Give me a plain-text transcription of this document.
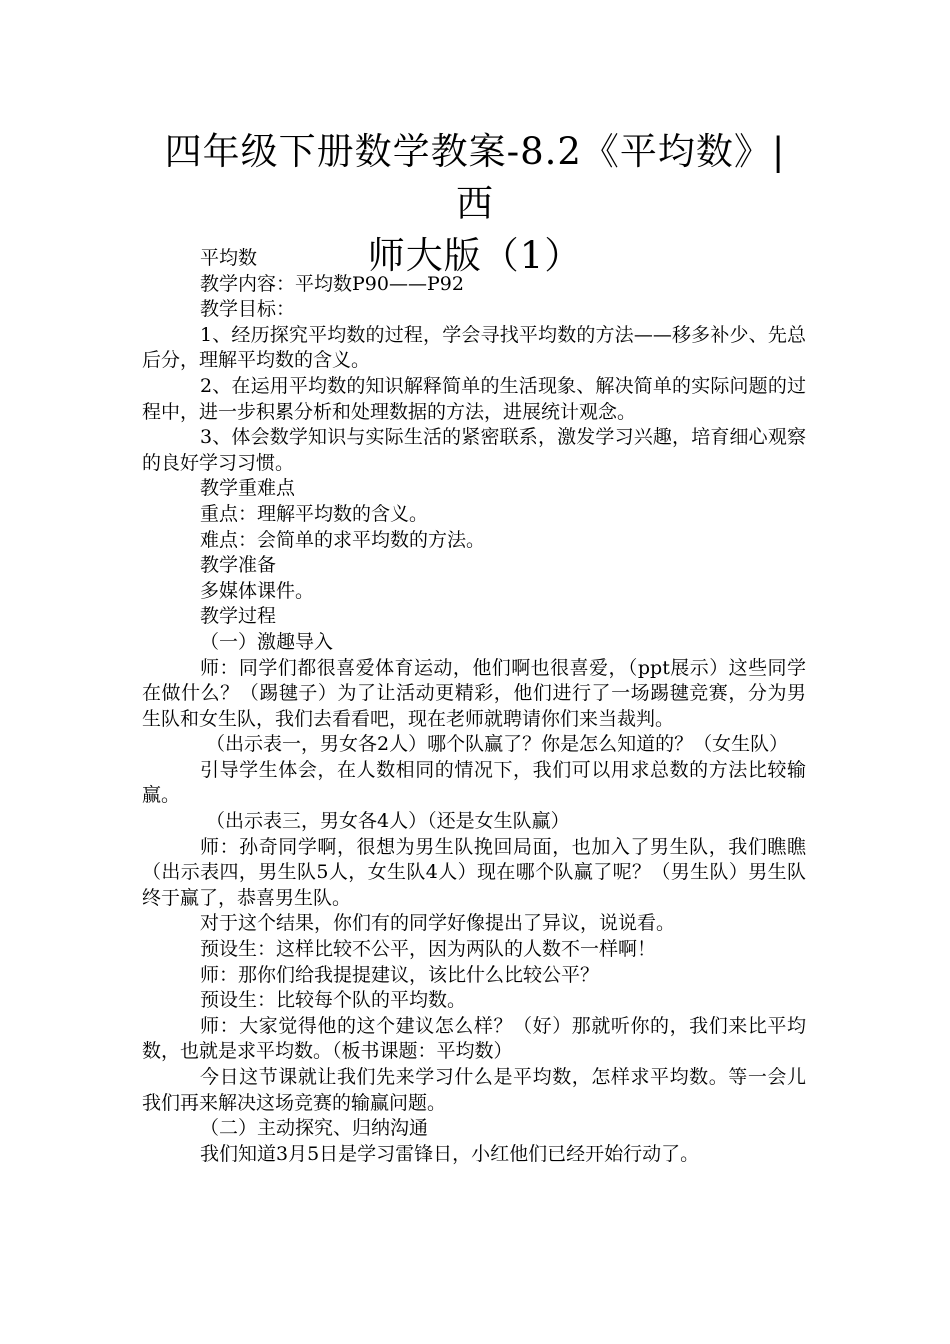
四年级下册数学教案-8.2《平均数》| 西
师大版（1）

平均数

教学内容：平均数P90——P92

教学目标：

1、经历探究平均数的过程，学会寻找平均数的方法——移多补少、先总后分，理解平均数的含义。

2、在运用平均数的知识解释简单的生活现象、解决简单的实际问题的过程中，进一步积累分析和处理数据的方法，进展统计观念。

3、体会数学知识与实际生活的紧密联系，激发学习兴趣，培育细心观察的良好学习习惯。

教学重难点

重点：理解平均数的含义。

难点：会简单的求平均数的方法。

教学准备

多媒体课件。

教学过程

（一）激趣导入

师：同学们都很喜爱体育运动，他们啊也很喜爱，（ppt展示）这些同学在做什么？（踢毽子）为了让活动更精彩，他们进行了一场踢毽竞赛，分为男生队和女生队，我们去看看吧，现在老师就聘请你们来当裁判。

（出示表一，男女各2人）哪个队赢了？你是怎么知道的？（女生队）

引导学生体会，在人数相同的情况下，我们可以用求总数的方法比较输赢。

（出示表三，男女各4人）（还是女生队赢）

师：孙奇同学啊，很想为男生队挽回局面，也加入了男生队，我们瞧瞧（出示表四，男生队5人，女生队4人）现在哪个队赢了呢？（男生队）男生队终于赢了，恭喜男生队。

对于这个结果，你们有的同学好像提出了异议，说说看。

预设生：这样比较不公平，因为两队的人数不一样啊！

师：那你们给我提提建议，该比什么比较公平？

预设生：比较每个队的平均数。

师：大家觉得他的这个建议怎么样？（好）那就听你的，我们来比平均数，也就是求平均数。（板书课题：平均数）

今日这节课就让我们先来学习什么是平均数，怎样求平均数。等一会儿我们再来解决这场竞赛的输赢问题。

（二）主动探究、归纳沟通

我们知道3月5日是学习雷锋日，小红他们已经开始行动了。
